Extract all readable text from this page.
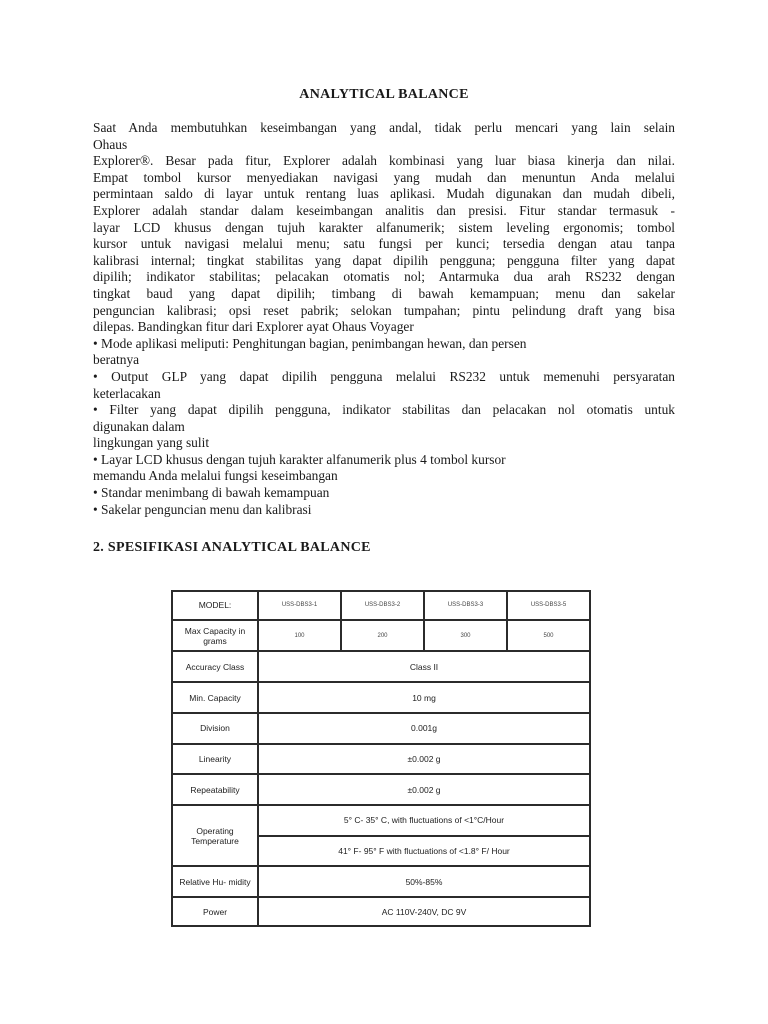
ANALYTICAL BALANCE

Saat Anda membutuhkan keseimbangan yang andal, tidak perlu mencari yang lain selain

Ohaus

Explorer®. Besar pada fitur, Explorer adalah kombinasi yang luar biasa kinerja dan nilai.

Empat tombol kursor menyediakan navigasi yang mudah dan menuntun Anda melalui

permintaan saldo di layar untuk rentang luas aplikasi. Mudah digunakan dan mudah dibeli,

Explorer adalah standar dalam keseimbangan analitis dan presisi. Fitur standar termasuk -

layar LCD khusus dengan tujuh karakter alfanumerik; sistem leveling ergonomis; tombol

kursor untuk navigasi melalui menu; satu fungsi per kunci; tersedia dengan atau tanpa

kalibrasi internal; tingkat stabilitas yang dapat dipilih pengguna; pengguna filter yang dapat

dipilih; indikator stabilitas; pelacakan otomatis nol; Antarmuka dua arah RS232 dengan

tingkat baud yang dapat dipilih; timbang di bawah kemampuan; menu dan sakelar

penguncian kalibrasi; opsi reset pabrik; selokan tumpahan; pintu pelindung draft yang bisa

dilepas. Bandingkan fitur dari Explorer ayat Ohaus Voyager

• Mode aplikasi meliputi: Penghitungan bagian, penimbangan hewan, dan persen

beratnya

• Output GLP yang dapat dipilih pengguna melalui RS232 untuk memenuhi persyaratan

keterlacakan

• Filter yang dapat dipilih pengguna, indikator stabilitas dan pelacakan nol otomatis untuk

digunakan dalam

lingkungan yang sulit

• Layar LCD khusus dengan tujuh karakter alfanumerik plus 4 tombol kursor

memandu Anda melalui fungsi keseimbangan

• Standar menimbang di bawah kemampuan

• Sakelar penguncian menu dan kalibrasi

2. SPESIFIKASI ANALYTICAL BALANCE
MODEL:	USS-DBS3-1	USS-DBS3-2	USS-DBS3-3	USS-DBS3-5
Max Capacity in grams	100	200	300	500
Accuracy Class	Class II			
Min. Capacity	10 mg			
Division	0.001g			
Linearity	±0.002 g			
Repeatability	±0.002 g			
Operating Temperature	5° C- 35° C, with fluctuations of <1°C/Hour			
	41° F- 95° F with fluctuations of <1.8° F/ Hour			
Relative Hu- midity	50%-85%			
Power	AC 110V-240V, DC 9V			
